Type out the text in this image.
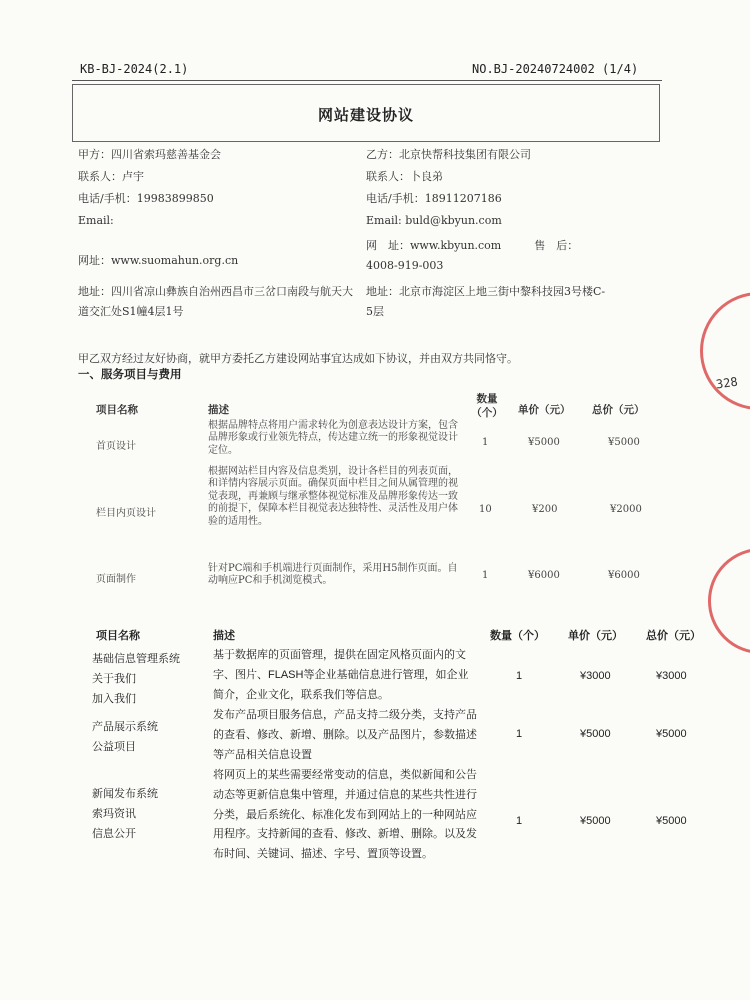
KB-BJ-2024(2.1)	NO.BJ-20240724002 (1/4)
网站建设协议
甲方：四川省索玛慈善基金会
联系人：卢宇
电话/手机：19983899850
Email:
网址：www.suomahun.org.cn
地址：四川省凉山彝族自治州西昌市三岔口南段与航天大道交汇处S1幢4层1号
乙方：北京快帮科技集团有限公司
联系人：卜良弟
电话/手机：18911207186
Email: buld@kbyun.com
网　址：www.kbyun.com　　　售　后：4008-919-003
地址：北京市海淀区上地三街中黎科技园3号楼C-5层
甲乙双方经过友好协商，就甲方委托乙方建设网站事宜达成如下协议，并由双方共同恪守。
一、服务项目与费用
328
项目名称	描述
数量（个） 单价（元） 总价（元）
首页设计
根据品牌特点将用户需求转化为创意表达设计方案，包含品牌形象或行业领先特点，传达建立统一的形象视觉设计定位。
1	¥5000	¥5000
栏目内页设计
根据网站栏目内容及信息类别，设计各栏目的列表页面，和详情内容展示页面。确保页面中栏目之间从属管理的视觉表现，再兼顾与继承整体视觉标准及品牌形象传达一致的前提下，保障本栏目视觉表达独特性、灵活性及用户体验的适用性。
10	¥200	¥2000
页面制作
针对PC端和手机端进行页面制作，采用H5制作页面。自动响应PC和手机浏览模式。	1	¥6000	¥6000
项目名称	描述	数量（个） 单价（元） 总价（元）
基础信息管理系统
关于我们
加入我们
基于数据库的页面管理，提供在固定风格页面内的文字、图片、FLASH等企业基础信息进行管理，如企业简介，企业文化，联系我们等信息。
1	¥3000	¥3000
产品展示系统
公益项目
发布产品项目服务信息，产品支持二级分类，支持产品的查看、修改、新增、删除。以及产品图片，参数描述等产品相关信息设置
1	¥5000	¥5000
新闻发布系统
索玛资讯
信息公开
将网页上的某些需要经常变动的信息，类似新闻和公告动态等更新信息集中管理，并通过信息的某些共性进行分类，最后系统化、标准化发布到网站上的一种网站应用程序。支持新闻的查看、修改、新增、删除。以及发布时间、关键词、描述、字号、置顶等设置。
1	¥5000	¥5000
